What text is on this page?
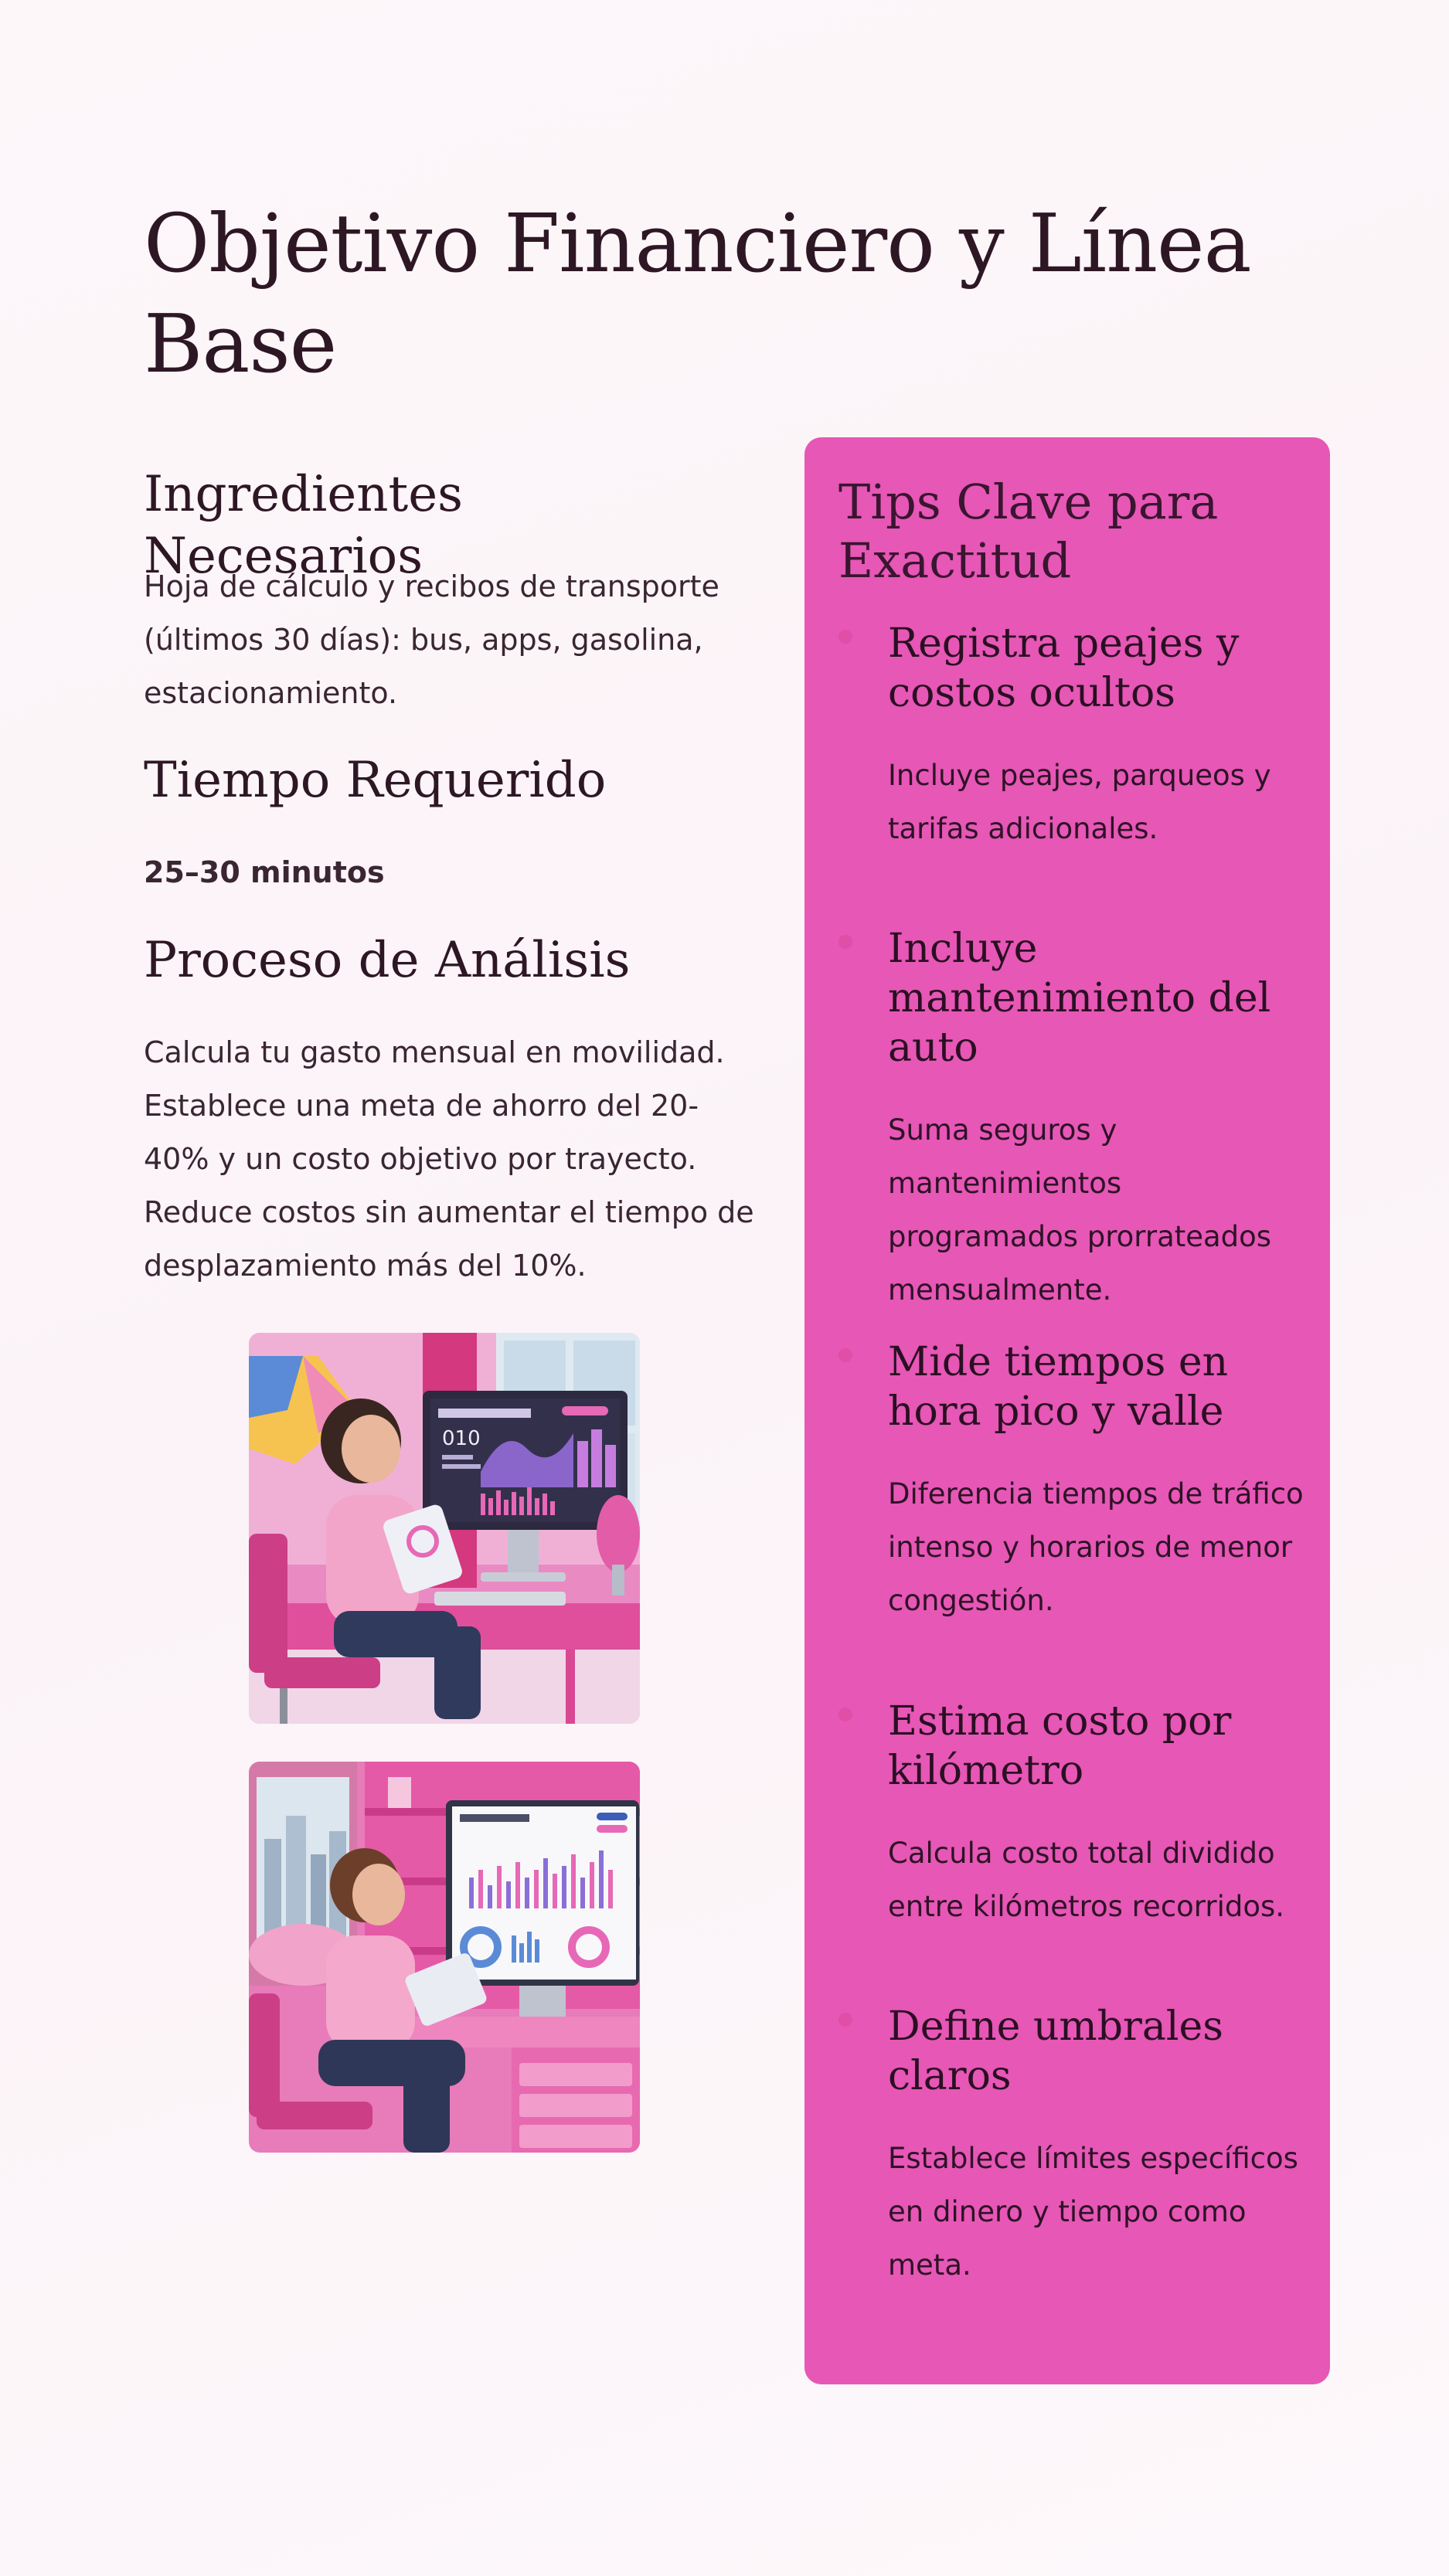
Objetivo Financiero y Línea Base
Ingredientes Necesarios

Hoja de cálculo y recibos de transporte (últimos 30 días): bus, apps, gasolina, estacionamiento.

Tiempo Requerido

25–30 minutos

Proceso de Análisis

Calcula tu gasto mensual en movilidad. Establece una meta de ahorro del 20-40% y un costo objetivo por trayecto. Reduce costos sin aumentar el tiempo de desplazamiento más del 10%.

010
Tips Clave para Exactitud
Registra peajes y costos ocultos

Incluye peajes, parqueos y tarifas adicionales.

Incluye mantenimiento del auto

Suma seguros y mantenimientos programados prorrateados mensualmente.

Mide tiempos en hora pico y valle

Diferencia tiempos de tráfico intenso y horarios de menor congestión.

Estima costo por kilómetro

Calcula costo total dividido entre kilómetros recorridos.

Define umbrales claros

Establece límites específicos en dinero y tiempo como meta.
